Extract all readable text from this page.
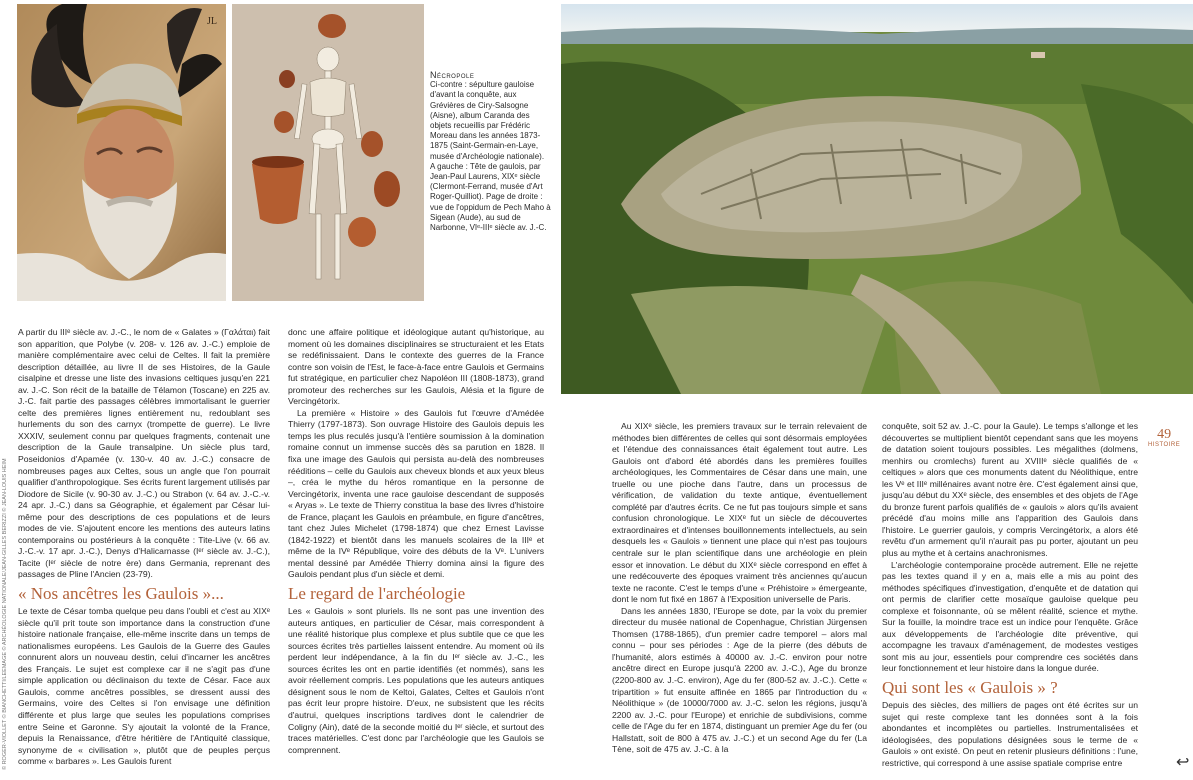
© ROGER-VIOLLET © BIANCHETTI/LEEMAGE © ARCHÉOLOGIE NATIONALE/JEAN-GILLES BERIZZI © JEAN-LOUIS HEIM
JL
Nécropole
Ci-contre : sépulture gauloise d'avant la conquête, aux Grévières de Ciry-Salsogne (Aisne), album Caranda des objets recueillis par Frédéric Moreau dans les années 1873-1875 (Saint-Germain-en-Laye, musée d'Archéologie nationale).
A gauche : Tête de gaulois, par Jean-Paul Laurens, XIXᵉ siècle (Clermont-Ferrand, musée d'Art Roger-Quilliot). Page de droite : vue de l'oppidum de Pech Maho à Sigean (Aude), au sud de Narbonne, VIᵉ-IIIᵉ siècle av. J.-C.

A partir du IIIᵉ siècle av. J.-C., le nom de « Galates » (Γαλάται) fait son apparition, que Polybe (v. 208- v. 126 av. J.-C.) emploie de manière complémentaire avec celui de Celtes. Il fait la première description détaillée, au livre II de ses Histoires, de la Gaule cisalpine et dresse une liste des invasions celtiques jusqu'en 221 av. J.-C. Son récit de la bataille de Télamon (Toscane) en 225 av. J.-C. fait partie des passages célèbres immortalisant le guerrier celte des premières lignes entièrement nu, redoublant ses hurlements du son des carnyx (trompette de guerre). Le livre XXXIV, seulement connu par quelques fragments, contenait une description de la Gaule transalpine. Un siècle plus tard, Poseidonios d'Apamée (v. 130-v. 40 av. J.-C.) consacre de nombreuses pages aux Celtes, sous un angle que l'on pourrait qualifier d'anthropologique. Ses écrits furent largement utilisés par Diodore de Sicile (v. 90-30 av. J.-C.) ou Strabon (v. 64 av. J.-C.-v. 24 apr. J.-C.) dans sa Géographie, et également par César lui-même pour des descriptions de ces populations et de leurs modes de vie. S'ajoutent encore les mentions des auteurs latins contemporains ou postérieurs à la conquête : Tite-Live (v. 66 av. J.-C.-v. 17 apr. J.-C.), Denys d'Halicarnasse (Iᵉʳ siècle av. J.-C.), Tacite (Iᵉʳ siècle de notre ère) dans Germania, reprenant des passages de Pline l'Ancien (23-79).

« Nos ancêtres les Gaulois »...

Le texte de César tomba quelque peu dans l'oubli et c'est au XIXᵉ siècle qu'il prit toute son importance dans la construction d'une histoire nationale française, elle-même inscrite dans un temps de nationalismes européens. Les Gaulois de la Guerre des Gaules connurent alors un nouveau destin, celui d'incarner les ancêtres des Français. Le sujet est complexe car il ne s'agit pas d'une simple application ou déclinaison du texte de César. Face aux Gaulois, comme ancêtres possibles, se dressent aussi des Germains, voire des Celtes si l'on envisage une définition différente et plus large que seules les populations comprises entre Seine et Garonne. S'y ajoutait la volonté de la France, depuis la Renaissance, d'être héritière de l'Antiquité classique, synonyme de « civilisation », plutôt que de peuples perçus comme « barbares ». Les Gaulois furent

donc une affaire politique et idéologique autant qu'historique, au moment où les domaines disciplinaires se structuraient et les Etats se redéfinissaient. Dans le contexte des guerres de la France contre son voisin de l'Est, le face-à-face entre Gaulois et Germains fut stratégique, en particulier chez Napoléon III (1808-1873), grand promoteur des recherches sur les Gaulois, Alésia et la figure de Vercingétorix.

La première « Histoire » des Gaulois fut l'œuvre d'Amédée Thierry (1797-1873). Son ouvrage Histoire des Gaulois depuis les temps les plus reculés jusqu'à l'entière soumission à la domination romaine connut un immense succès dès sa parution en 1828. Il fixa une image des Gaulois qui persista au-delà des nombreuses rééditions – celle du Gaulois aux cheveux blonds et aux yeux bleus –, créa le mythe du héros romantique en la personne de Vercingétorix, inventa une race gauloise descendant de supposés « Aryas ». Le texte de Thierry constitua la base des livres d'histoire de France, plaçant les Gaulois en préambule, en figure d'ancêtres, tant chez Jules Michelet (1798-1874) que chez Ernest Lavisse (1842-1922) et bientôt dans les manuels scolaires de la IIIᵉ et même de la IVᵉ République, voire des débuts de la Vᵉ. L'univers mental dessiné par Amédée Thierry domina ainsi la figure des Gaulois pendant plus d'un siècle et demi.

Le regard de l'archéologie

Les « Gaulois » sont pluriels. Ils ne sont pas une invention des auteurs antiques, en particulier de César, mais correspondent à une réalité historique plus complexe et plus subtile que ce que les sources écrites très partielles laissent entendre. Au moment où ils perdent leur indépendance, à la fin du Iᵉʳ siècle av. J.-C., les sources écrites les ont en partie identifiés (et nommés), sans les avoir réellement compris. Les populations que les auteurs antiques désignent sous le nom de Keltoi, Galates, Celtes et Gaulois n'ont pas écrit leur propre histoire. D'eux, ne subsistent que les récits d'autrui, quelques inscriptions tardives dont le calendrier de Coligny (Ain), daté de la seconde moitié du Iᵉʳ siècle, et surtout des traces matérielles. C'est donc par l'archéologie que les Gaulois se comprennent.

Au XIXᵉ siècle, les premiers travaux sur le terrain relevaient de méthodes bien différentes de celles qui sont désormais employées et l'étendue des connaissances était également tout autre. Les Gaulois ont d'abord été abordés dans les premières fouilles archéologiques, les Commentaires de César dans une main, une truelle ou une pioche dans l'autre, dans un processus de vérification, de validation du texte antique, éventuellement complété par d'autres écrits. Ce ne fut pas toujours simple et sans confusion chronologique. Le XIXᵉ fut un siècle de découvertes extraordinaires et d'intenses bouillonnements intellectuels, au sein desquels les « Gaulois » tiennent une place qui n'est pas toujours centrale sur le plan scientifique dans une archéologie en plein essor et innovation. Le début du XIXᵉ siècle correspond en effet à une redécouverte des époques vraiment très anciennes qu'aucun texte ne raconte. C'est le temps d'une « Préhistoire » émergeante, dont le nom fut fixé en 1867 à l'Exposition universelle de Paris.

Dans les années 1830, l'Europe se dote, par la voix du premier directeur du musée national de Copenhague, Christian Jürgensen Thomsen (1788-1865), d'un premier cadre temporel – alors mal connu – pour ses périodes : Age de la pierre (des débuts de l'humanité, alors estimés à 40000 av. J.-C. environ pour notre ancêtre direct en Europe jusqu'à 2200 av. J.-C.), Age du bronze (2200-800 av. J.-C. environ), Age du fer (800-52 av. J.-C.). Cette « tripartition » fut ensuite affinée en 1865 par l'introduction du « Néolithique » (de 10000/7000 av. J.-C. selon les régions, jusqu'à 2200 av. J.-C. pour l'Europe) et enrichie de subdivisions, comme celle de l'Age du fer en 1874, distinguant un premier Age du fer (ou Hallstatt, soit de 800 à 475 av. J.-C.) et un second Age du fer (La Tène, soit de 475 av. J.-C. à la

conquête, soit 52 av. J.-C. pour la Gaule). Le temps s'allonge et les découvertes se multiplient bientôt cependant sans que les moyens de datation soient toujours possibles. Les mégalithes (dolmens, menhirs ou cromlechs) furent au XVIIIᵉ siècle qualifiés de « celtiques » alors que ces monuments datent du Néolithique, entre les Vᵉ et IIIᵉ millénaires avant notre ère. C'est également ainsi que, jusqu'au début du XXᵉ siècle, des ensembles et des objets de l'Age du bronze furent parfois qualifiés de « gaulois » alors qu'ils avaient précédé d'au moins mille ans l'apparition des Gaulois dans l'histoire. Le guerrier gaulois, y compris Vercingétorix, a alors été revêtu d'un armement qu'il n'aurait pas pu porter, ajoutant un peu plus au mythe et à certains anachronismes.

L'archéologie contemporaine procède autrement. Elle ne rejette pas les textes quand il y en a, mais elle a mis au point des méthodes spécifiques d'investigation, d'enquête et de datation qui ont permis de clarifier cette mosaïque gauloise quelque peu complexe et foisonnante, où se mêlent réalité, science et mythe. Sur la fouille, la moindre trace est un indice pour l'enquête. Grâce aux développements de l'archéologie dite préventive, qui accompagne les travaux d'aménagement, de modestes vestiges sont mis au jour, essentiels pour comprendre ces sociétés dans leur fonctionnement et leur histoire dans la longue durée.

Qui sont les « Gaulois » ?

Depuis des siècles, des milliers de pages ont été écrites sur un sujet qui reste complexe tant les données sont à la fois abondantes et incomplètes ou partielles. Instrumentalisées et idéologisées, des populations désignées sous le terme de « Gaulois » ont existé. On peut en retenir plusieurs définitions : l'une, restrictive, qui correspond à une assise spatiale comprise entre

49
HISTOIRE
↩
